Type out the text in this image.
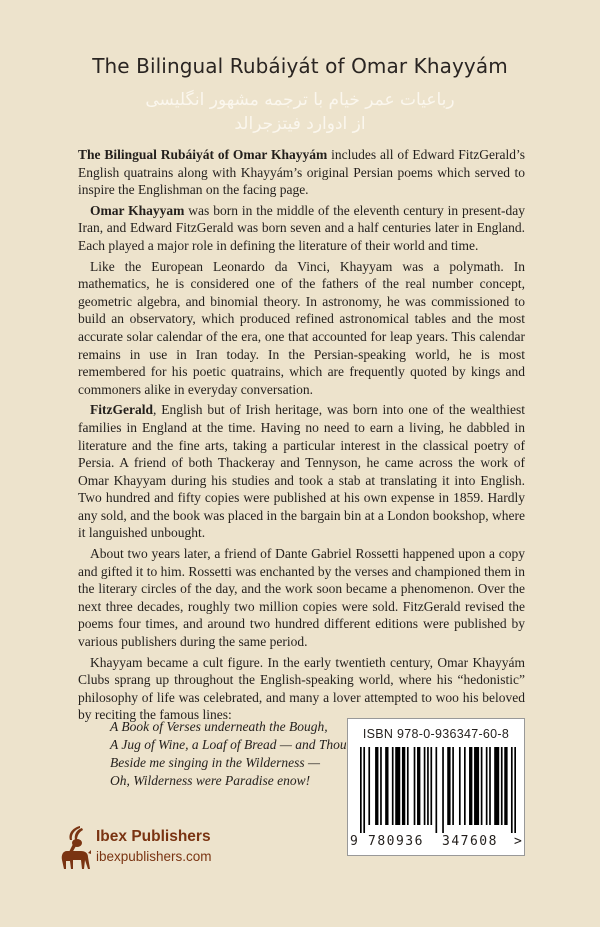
The Bilingual Rubáiyát of Omar Khayyám
رباعیات عمر خیام با ترجمه مشهور انگلیسی
از ادوارد فیتزجرالد

The Bilingual Rubáiyát of Omar Khayyám includes all of Edward FitzGerald’s English quatrains along with Khayyám’s original Persian poems which served to inspire the Englishman on the facing page.

Omar Khayyam was born in the middle of the eleventh century in present-day Iran, and Edward FitzGerald was born seven and a half centuries later in England. Each played a major role in defining the literature of their world and time.

Like the European Leonardo da Vinci, Khayyam was a polymath. In mathematics, he is considered one of the fathers of the real number concept, geometric algebra, and binomial theory. In astronomy, he was commissioned to build an observatory, which produced refined astronomical tables and the most accurate solar calendar of the era, one that accounted for leap years. This calendar remains in use in Iran today. In the Persian-speaking world, he is most remembered for his poetic quatrains, which are frequently quoted by kings and commoners alike in everyday conversation.

FitzGerald, English but of Irish heritage, was born into one of the wealthiest families in England at the time. Having no need to earn a living, he dabbled in literature and the fine arts, taking a particular interest in the classical poetry of Persia. A friend of both Thackeray and Tennyson, he came across the work of Omar Khayyam during his studies and took a stab at translating it into English. Two hundred and fifty copies were published at his own expense in 1859. Hardly any sold, and the book was placed in the bargain bin at a London bookshop, where it languished unbought.

About two years later, a friend of Dante Gabriel Rossetti happened upon a copy and gifted it to him. Rossetti was enchanted by the verses and championed them in the literary circles of the day, and the work soon became a phenomenon. Over the next three decades, roughly two million copies were sold. FitzGerald revised the poems four times, and around two hundred different editions were published by various publishers during the same period.

Khayyam became a cult figure. In the early twentieth century, Omar Khayyám Clubs sprang up throughout the English-speaking world, where his “hedonistic” philosophy of life was celebrated, and many a lover attempted to woo his beloved by reciting the famous lines:

A Book of Verses underneath the Bough,
A Jug of Wine, a Loaf of Bread — and Thou
Beside me singing in the Wilderness —
Oh, Wilderness were Paradise enow!
ISBN 978-0-936347-60-8
9 780936 347608 >
Ibex Publishers
ibexpublishers.com
